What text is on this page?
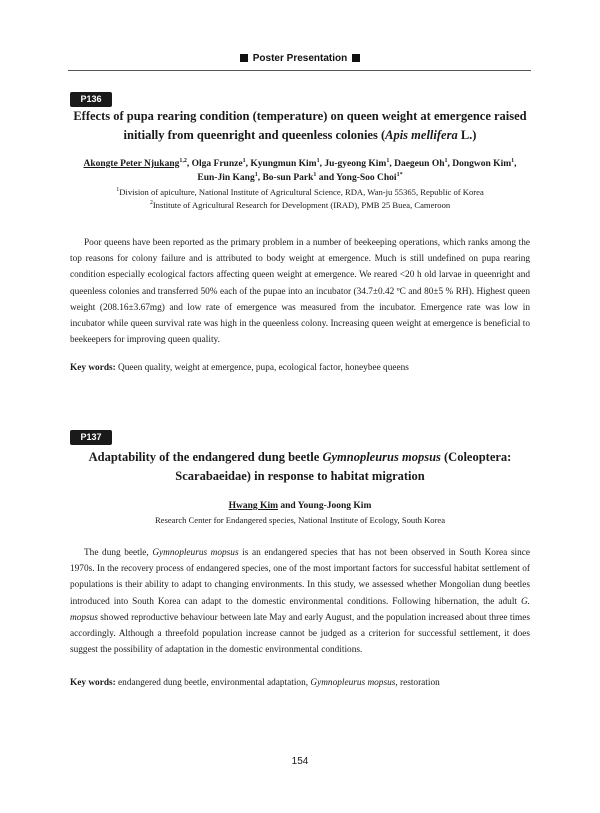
Poster Presentation
P136
Effects of pupa rearing condition (temperature) on queen weight at emergence raised
initially from queenright and queenless colonies (Apis mellifera L.)
Akongte Peter Njukang$^{1,2}$, Olga Frunze$^1$, Kyungmun Kim$^1$, Ju-gyeong Kim$^1$, Daegeun Oh$^1$, Dongwon Kim$^1$,
Eun-Jin Kang$^1$, Bo-sun Park$^1$ and Yong-Soo Choi$^{1*}$
$^1$Division of apiculture, National Institute of Agricultural Science, RDA, Wan-ju 55365, Republic of Korea
$^2$Institute of Agricultural Research for Development (IRAD), PMB 25 Buea, Cameroon
Poor queens have been reported as the primary problem in a number of beekeeping operations, which ranks among the top reasons for colony failure and is attributed to body weight at emergence. Much is still undefined on pupa rearing condition especially ecological factors affecting queen weight at emergence. We reared <20 h old larvae in queenright and queenless colonies and transferred 50% each of the pupae into an incubator (34.7±0.42 ºC and 80±5 % RH). Highest queen weight (208.16±3.67mg) and low rate of emergence was measured from the incubator. Emergence rate was low in incubator while queen survival rate was high in the queenless colony. Increasing queen weight at emergence is beneficial to beekeepers for improving queen quality.
Key words: Queen quality, weight at emergence, pupa, ecological factor, honeybee queens
P137
Adaptability of the endangered dung beetle Gymnopleurus mopsus (Coleoptera:
Scarabaeidae) in response to habitat migration
Hwang Kim and Young-Joong Kim
Research Center for Endangered species, National Institute of Ecology, South Korea
The dung beetle, Gymnopleurus mopsus is an endangered species that has not been observed in South Korea since 1970s. In the recovery process of endangered species, one of the most important factors for successful habitat settlement of populations is their ability to adapt to changing environments. In this study, we assessed whether Mongolian dung beetles introduced into South Korea can adapt to the domestic environmental conditions. Following hibernation, the adult G. mopsus showed reproductive behaviour between late May and early August, and the population increased about three times accordingly. Although a threefold population increase cannot be judged as a criterion for successful settlement, it does suggest the possibility of adaptation in the domestic environmental conditions.
Key words: endangered dung beetle, environmental adaptation, Gymnopleurus mopsus, restoration
154
